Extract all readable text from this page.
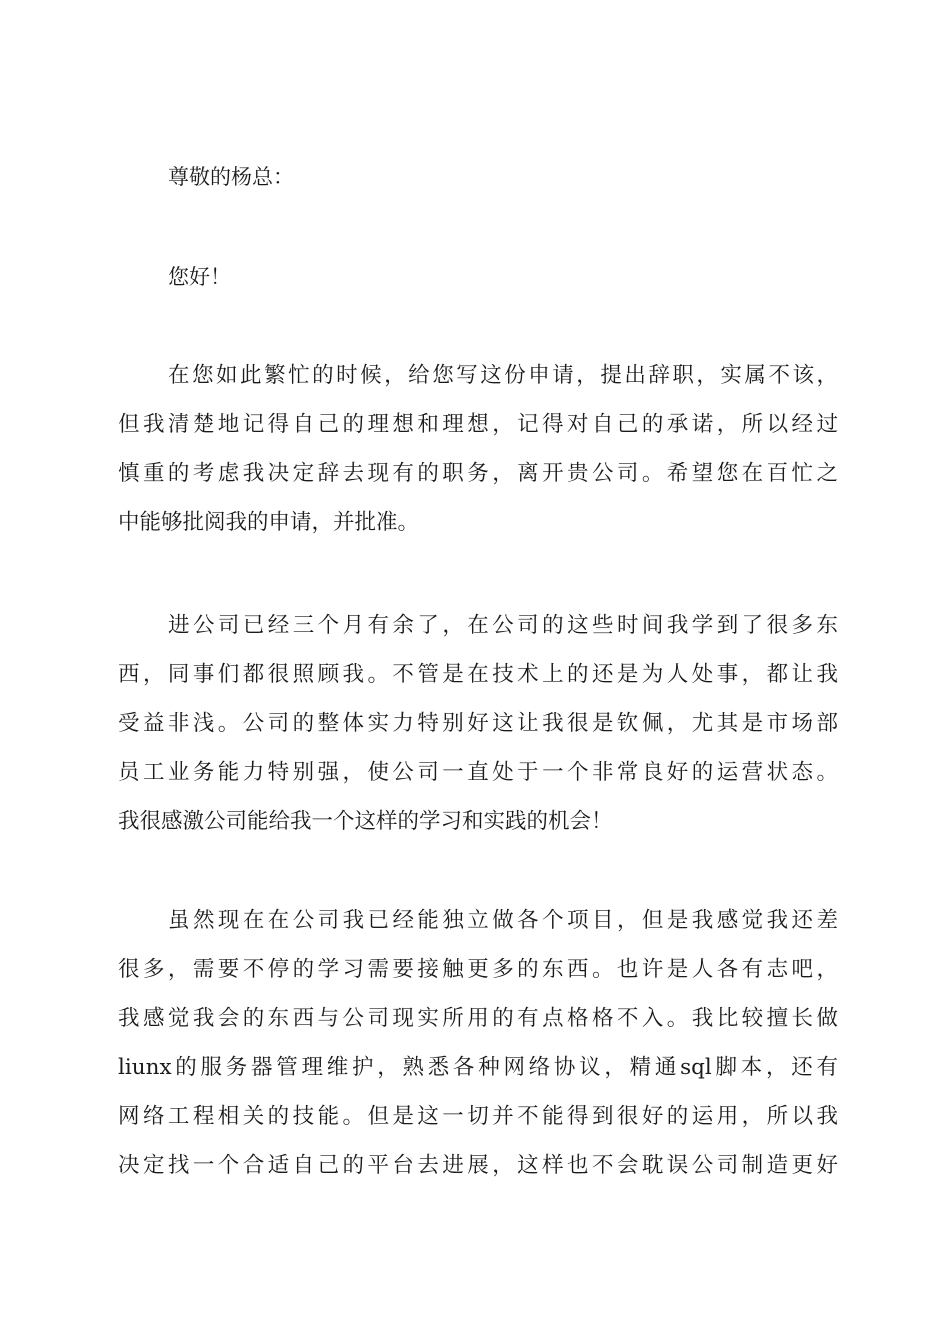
尊敬的杨总：
您好！
在您如此繁忙的时候，给您写这份申请，提出辞职，实属不该，
但我清楚地记得自己的理想和理想，记得对自己的承诺，所以经过
慎重的考虑我决定辞去现有的职务，离开贵公司。希望您在百忙之
中能够批阅我的申请，并批准。
进公司已经三个月有余了，在公司的这些时间我学到了很多东
西，同事们都很照顾我。不管是在技术上的还是为人处事，都让我
受益非浅。公司的整体实力特别好这让我很是钦佩，尤其是市场部
员工业务能力特别强，使公司一直处于一个非常良好的运营状态。
我很感激公司能给我一个这样的学习和实践的机会！
虽然现在在公司我已经能独立做各个项目，但是我感觉我还差
很多，需要不停的学习需要接触更多的东西。也许是人各有志吧，
我感觉我会的东西与公司现实所用的有点格格不入。我比较擅长做
liunx的服务器管理维护，熟悉各种网络协议，精通sql脚本，还有
网络工程相关的技能。但是这一切并不能得到很好的运用，所以我
决定找一个合适自己的平台去进展，这样也不会耽误公司制造更好
